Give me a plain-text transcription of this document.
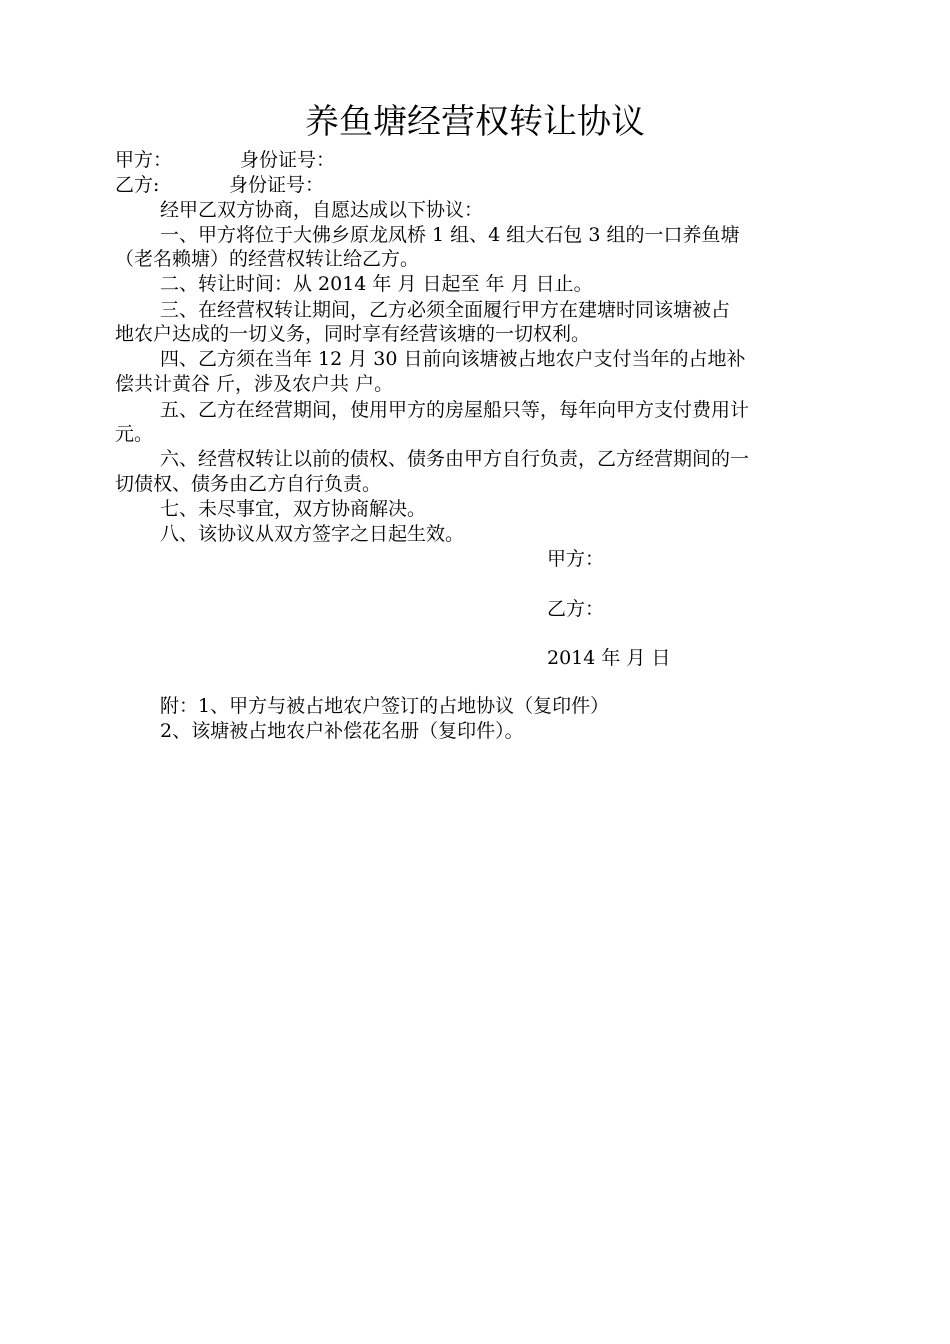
养鱼塘经营权转让协议
甲方：	身份证号：
乙方:	身份证号：
经甲乙双方协商，自愿达成以下协议：
一、甲方将位于大佛乡原龙凤桥 1 组、4 组大石包 3 组的一口养鱼塘
（老名赖塘）的经营权转让给乙方。
二、转让时间：从 2014 年 月 日起至 年 月 日止。
三、在经营权转让期间，乙方必须全面履行甲方在建塘时同该塘被占
地农户达成的一切义务，同时享有经营该塘的一切权利。
四、乙方须在当年 12 月 30 日前向该塘被占地农户支付当年的占地补
偿共计黄谷 斤，涉及农户共 户。
五、乙方在经营期间，使用甲方的房屋船只等，每年向甲方支付费用计
元。
六、经营权转让以前的债权、债务由甲方自行负责，乙方经营期间的一
切债权、债务由乙方自行负责。
七、未尽事宜，双方协商解决。
八、该协议从双方签字之日起生效。
甲方：
乙方：
2014 年 月 日
附：1、甲方与被占地农户签订的占地协议（复印件）
2、该塘被占地农户补偿花名册（复印件）。
